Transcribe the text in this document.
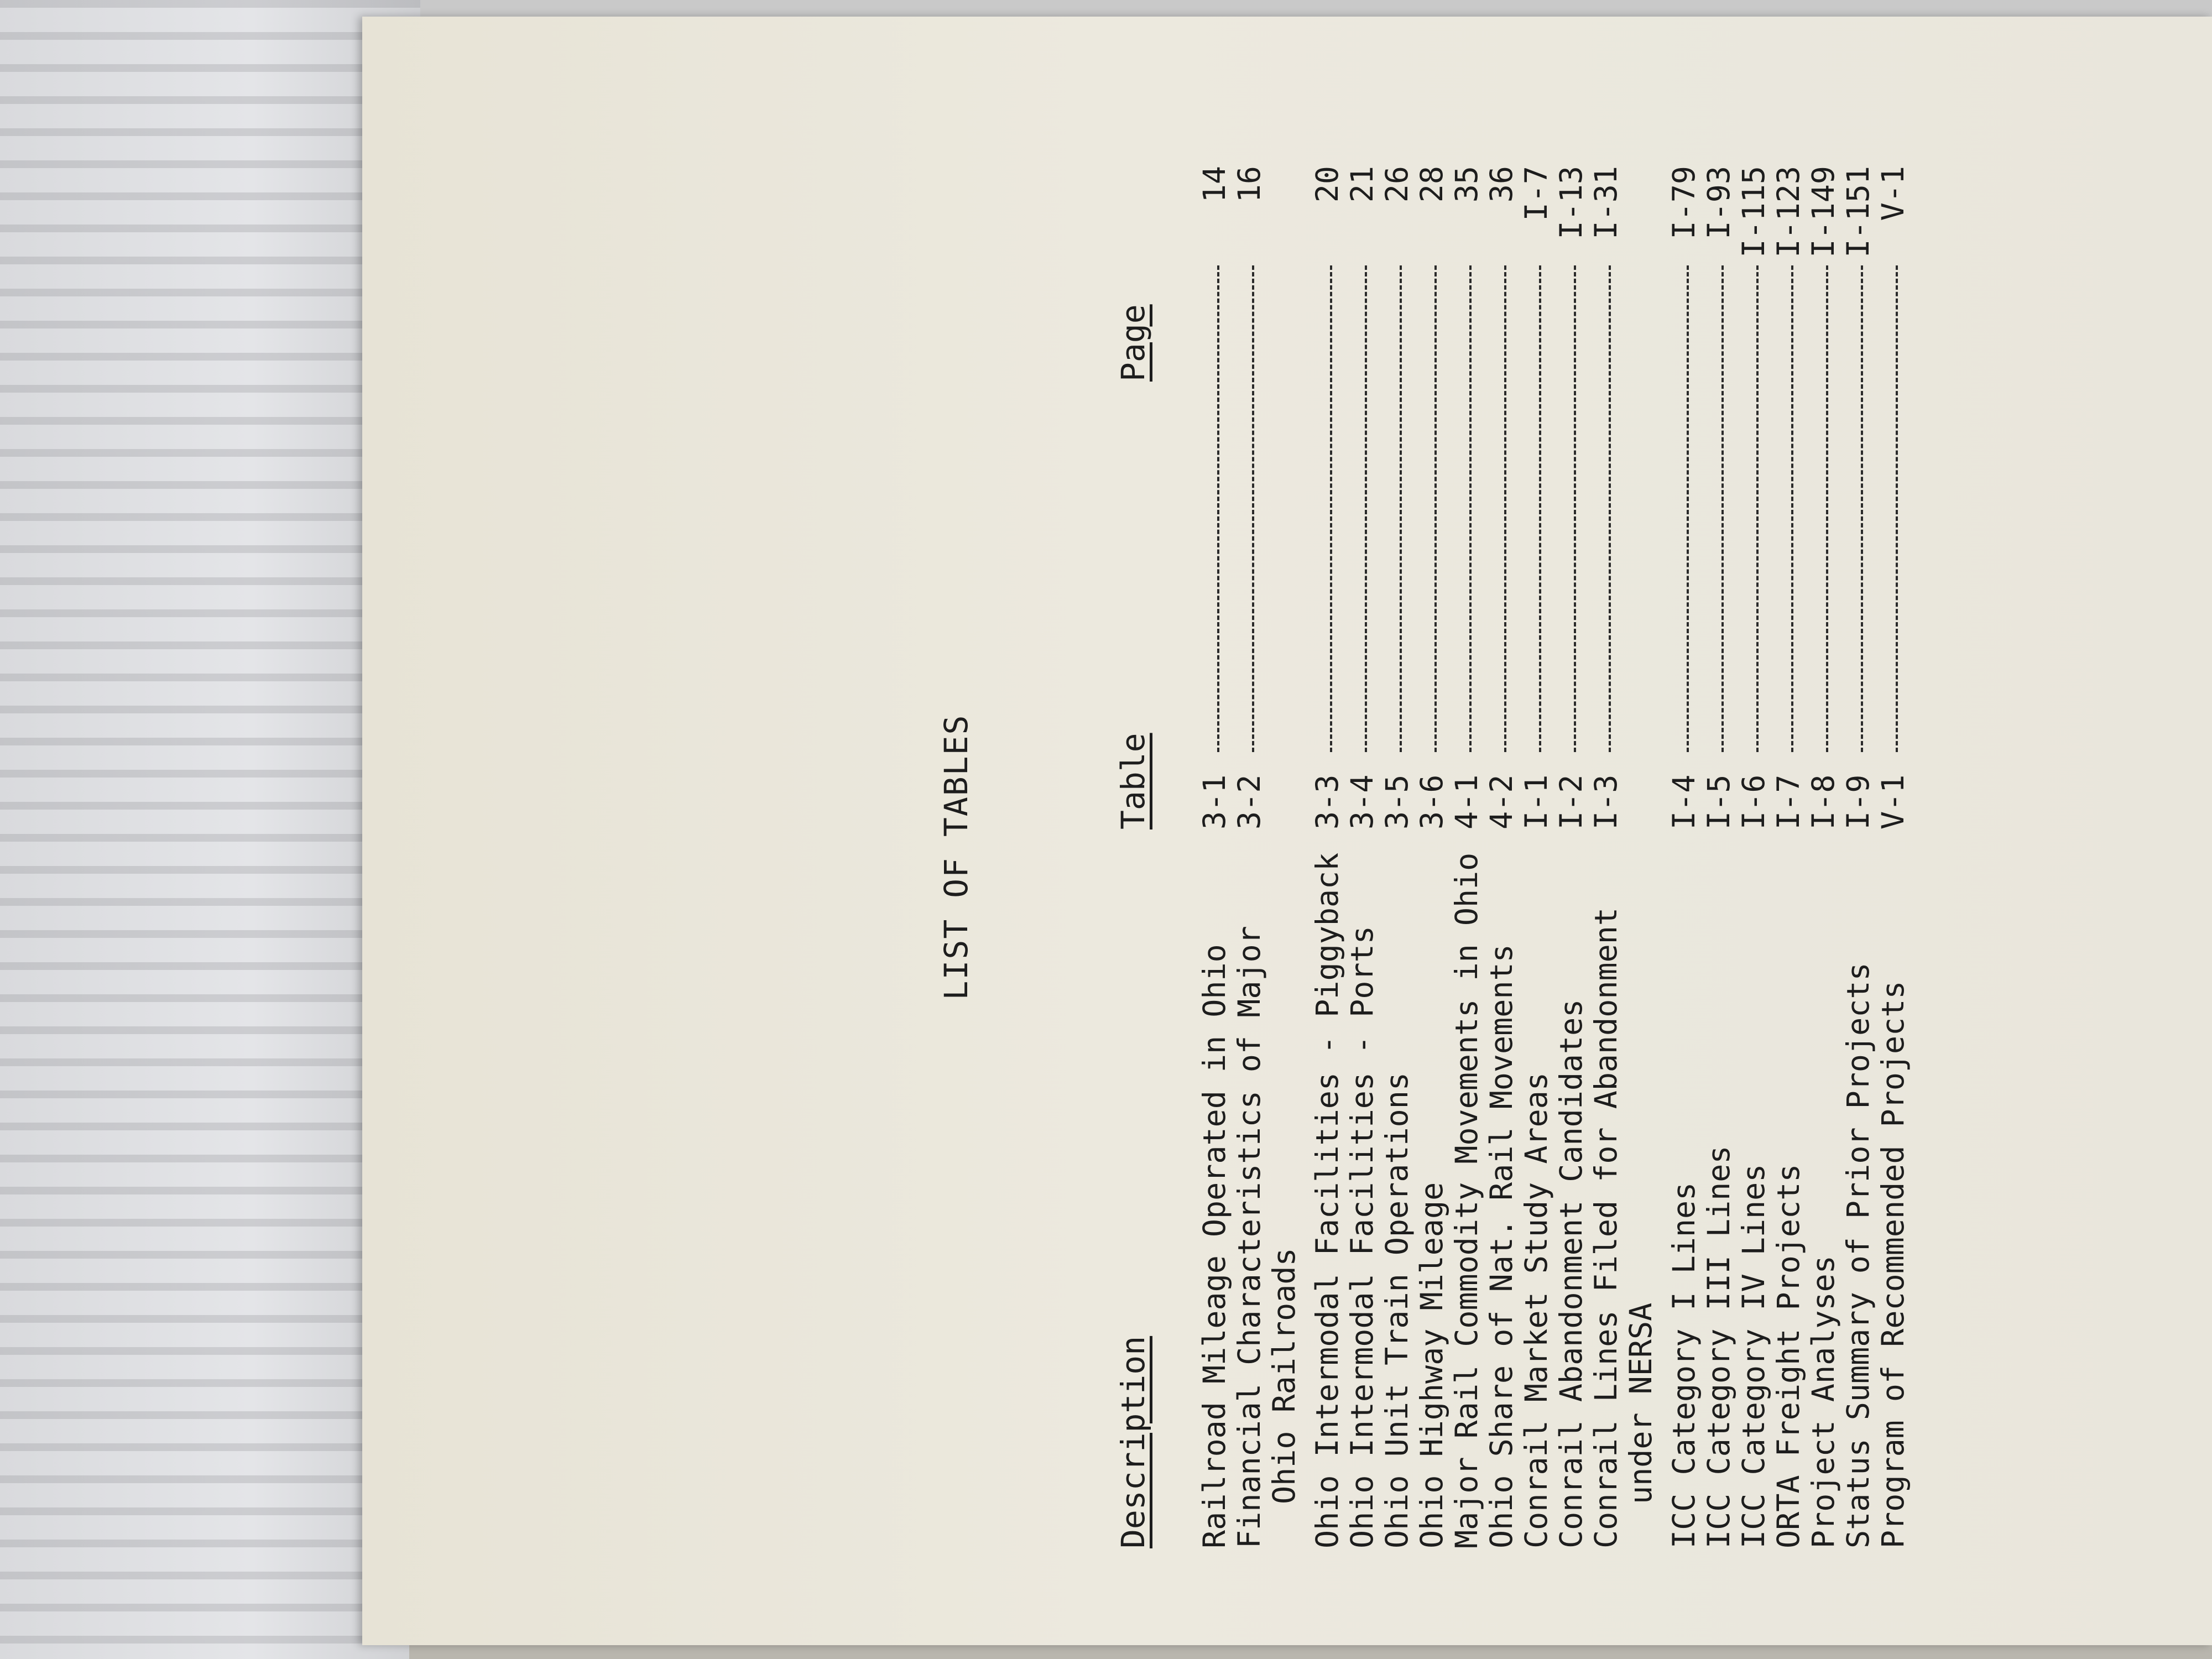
LIST OF TABLES
Description
Table
Page
Railroad Mileage Operated in Ohio
3-1
14
Financial Characteristics of Major
3-2
16
Ohio Railroads Ohio Intermodal Facilities - Piggyback
3-3
20
Ohio Intermodal Facilities - Ports
3-4
21
Ohio Unit Train Operations
3-5
26
Ohio Highway Mileage
3-6
28
Major Rail Commodity Movements in Ohio
4-1
35
Ohio Share of Nat. Rail Movements
4-2
36
Conrail Market Study Areas
I-1
I-7
Conrail Abandonment Candidates
I-2
I-13
Conrail Lines Filed for Abandonment
I-3
I-31
under NERSA ICC Category I Lines
I-4
I-79
ICC Category III Lines
I-5
I-93
ICC Category IV Lines
I-6
I-115
ORTA Freight Projects
I-7
I-123
Project Analyses
I-8
I-149
Status Summary of Prior Projects
I-9
I-151
Program of Recommended Projects
V-1
V-1
